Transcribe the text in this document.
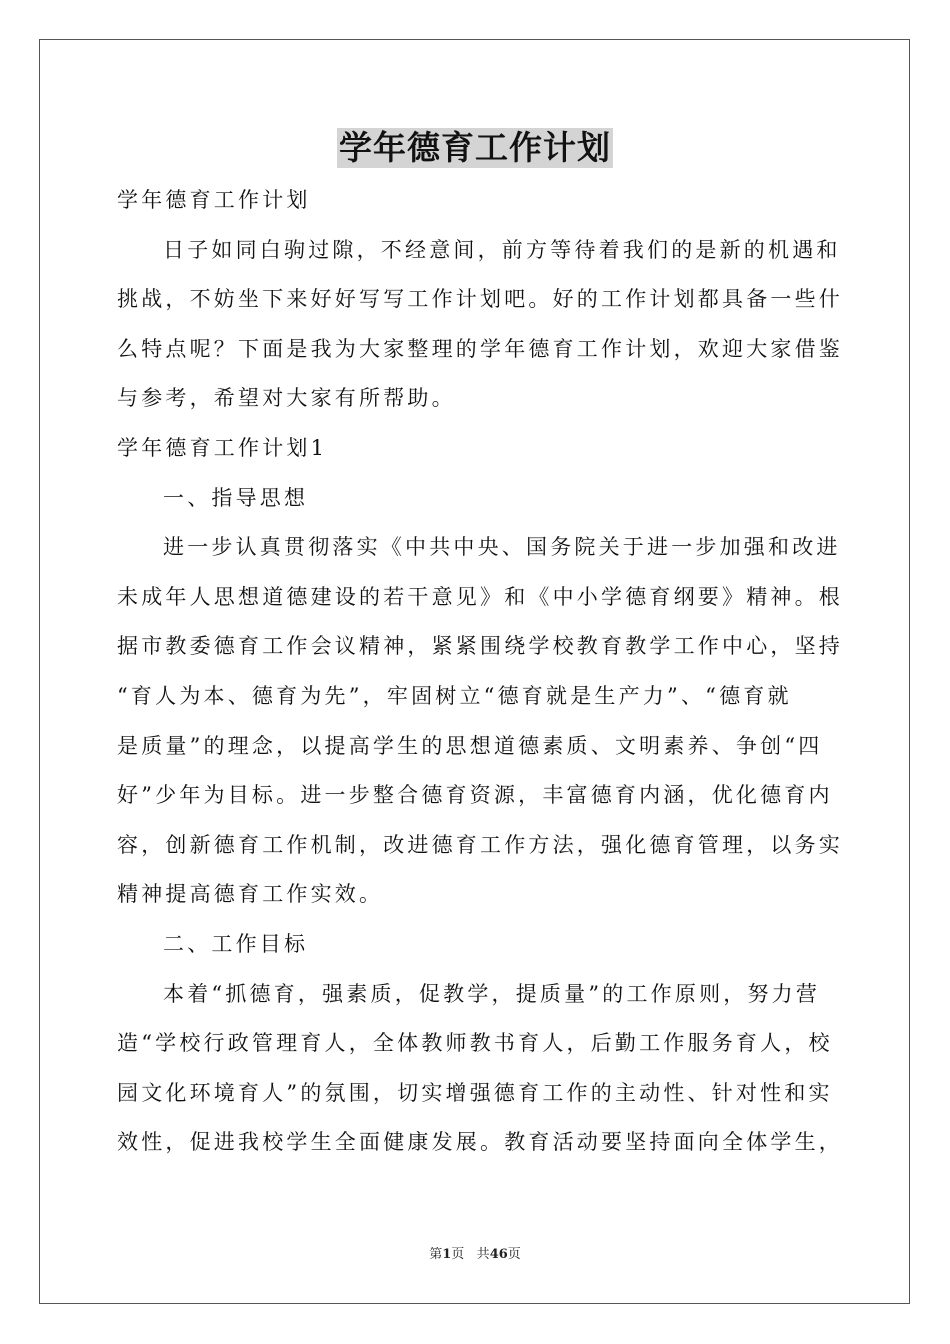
学年德育工作计划

学年德育工作计划

日子如同白驹过隙，不经意间，前方等待着我们的是新的机遇和

挑战，不妨坐下来好好写写工作计划吧。好的工作计划都具备一些什

么特点呢？下面是我为大家整理的学年德育工作计划，欢迎大家借鉴

与参考，希望对大家有所帮助。

学年德育工作计划1

一、指导思想

进一步认真贯彻落实《中共中央、国务院关于进一步加强和改进

未成年人思想道德建设的若干意见》和《中小学德育纲要》精神。根

据市教委德育工作会议精神，紧紧围绕学校教育教学工作中心，坚持

“育人为本、德育为先”，牢固树立“德育就是生产力”、“德育就

是质量”的理念，以提高学生的思想道德素质、文明素养、争创“四

好”少年为目标。进一步整合德育资源，丰富德育内涵，优化德育内

容，创新德育工作机制，改进德育工作方法，强化德育管理，以务实

精神提高德育工作实效。

二、工作目标

本着“抓德育，强素质，促教学，提质量”的工作原则，努力营

造“学校行政管理育人，全体教师教书育人，后勤工作服务育人，校

园文化环境育人”的氛围，切实增强德育工作的主动性、针对性和实

效性，促进我校学生全面健康发展。教育活动要坚持面向全体学生，

第1页 共46页
